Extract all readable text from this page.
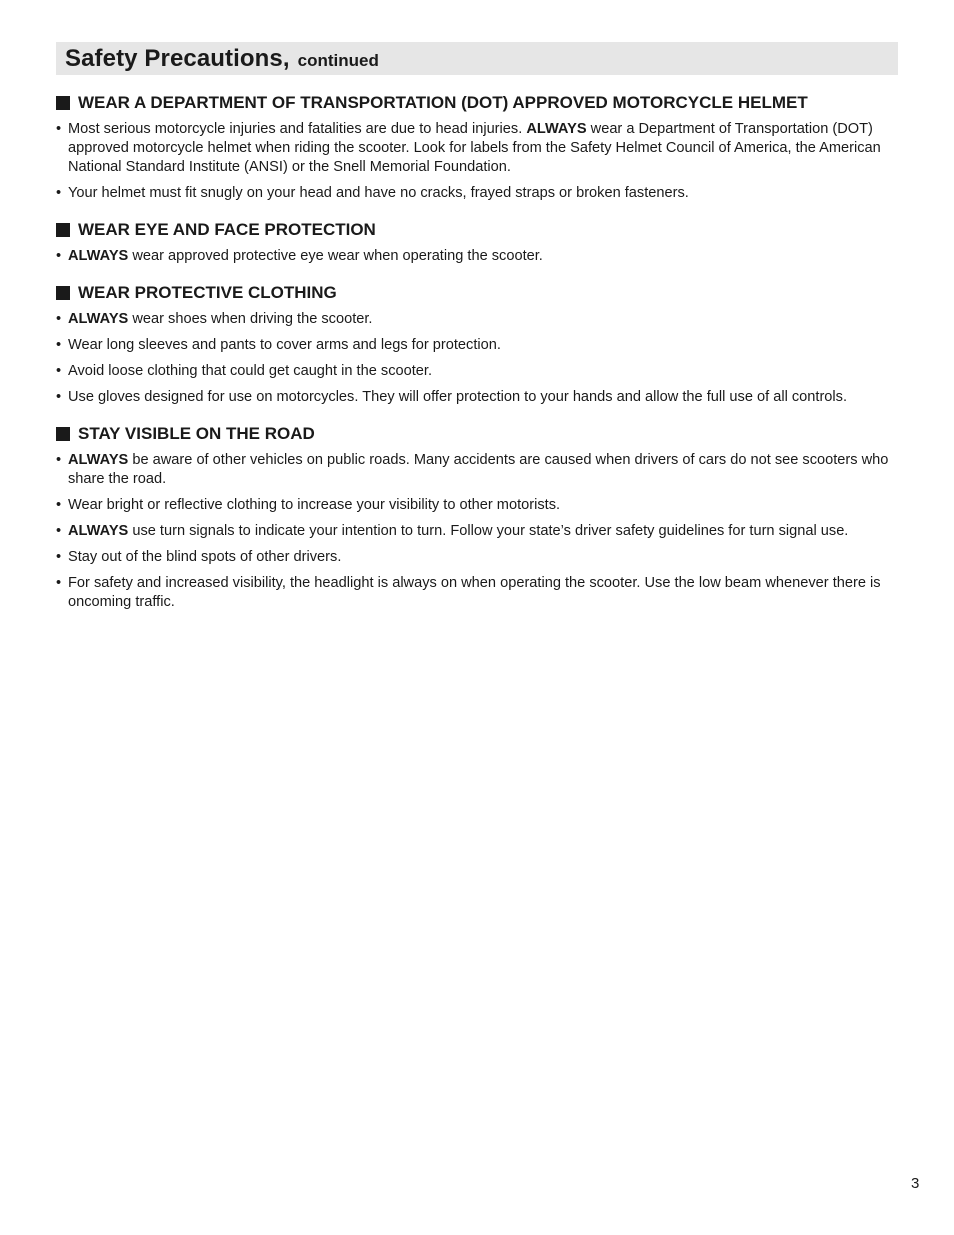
Safety Precautions, continued
WEAR A DEPARTMENT OF TRANSPORTATION (DOT) APPROVED MOTORCYCLE HELMET
• Most serious motorcycle injuries and fatalities are due to head injuries. ALWAYS wear a Department of Transportation (DOT) approved motorcycle helmet when riding the scooter. Look for labels from the Safety Helmet Council of America, the American National Standard Institute (ANSI) or the Snell Memorial Foundation.
• Your helmet must fit snugly on your head and have no cracks, frayed straps or broken fasteners.
WEAR EYE AND FACE PROTECTION
• ALWAYS wear approved protective eye wear when operating the scooter.
WEAR PROTECTIVE CLOTHING
• ALWAYS wear shoes when driving the scooter.
• Wear long sleeves and pants to cover arms and legs for protection.
• Avoid loose clothing that could get caught in the scooter.
• Use gloves designed for use on motorcycles. They will offer protection to your hands and allow the full use of all controls.
STAY VISIBLE ON THE ROAD
• ALWAYS be aware of other vehicles on public roads. Many accidents are caused when drivers of cars do not see scooters who share the road.
• Wear bright or reflective clothing to increase your visibility to other motorists.
• ALWAYS use turn signals to indicate your intention to turn. Follow your state’s driver safety guidelines for turn signal use.
• Stay out of the blind spots of other drivers.
• For safety and increased visibility, the headlight is always on when operating the scooter. Use the low beam whenever there is oncoming traffic.
3
